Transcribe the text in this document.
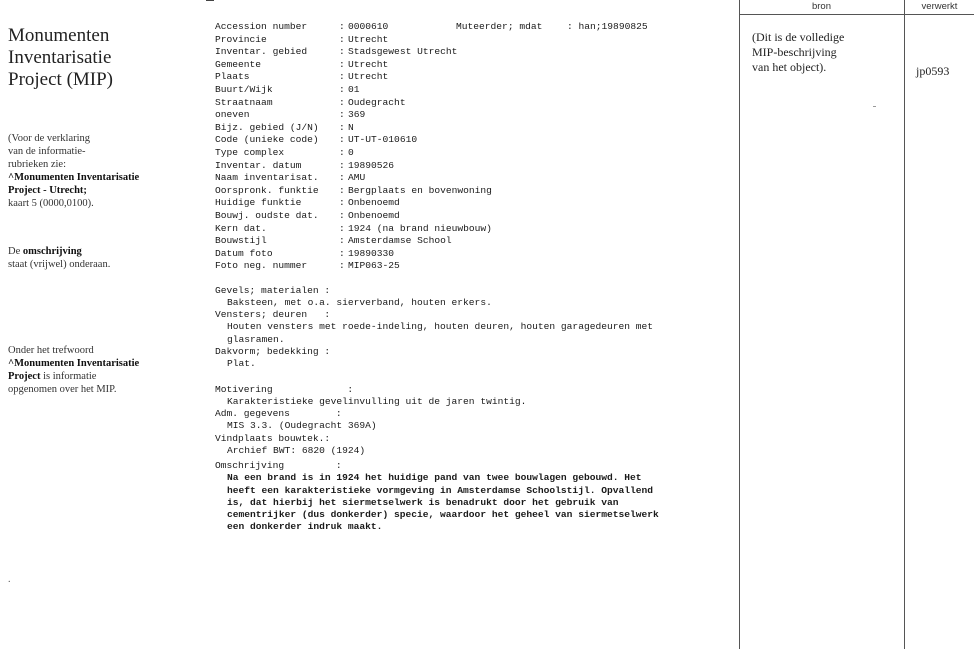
Monumenten
Inventarisatie
Project (MIP)
(Voor de verklaring
van de informatie-
rubrieken zie:
^Monumenten Inventarisatie
Project - Utrecht;
kaart 5 (0000,0100).
De omschrijving
staat (vrijwel) onderaan.
Onder het trefwoord
^Monumenten Inventarisatie
Project is informatie
opgenomen over het MIP.
.
Accession number	: 0000610
Provincie	: Utrecht
Inventar. gebied	: Stadsgewest Utrecht
Gemeente	: Utrecht
Plaats	: Utrecht
Buurt/Wijk	: 01
Straatnaam	: Oudegracht
oneven	: 369
Bijz. gebied (J/N) : N
Code (unieke code) : UT-UT-010610
Type complex	: 0
Inventar. datum	: 19890526
Naam inventarisat. : AMU
Oorspronk. funktie : Bergplaats en bovenwoning
Huidige funktie	: Onbenoemd
Bouwj. oudste dat. : Onbenoemd
Kern dat.	: 1924 (na brand nieuwbouw)
Bouwstijl	: Amsterdamse School
Datum foto	: 19890330
Foto neg. nummer	: MIP063-25
Muteerder; mdat	: han;19890825
Gevels; materialen :
Baksteen, met o.a. sierverband, houten erkers.
Vensters; deuren   :
Houten vensters met roede-indeling, houten deuren, houten garagedeuren met
glasramen.
Dakvorm; bedekking :
Plat.
Motivering             :
Karakteristieke gevelinvulling uit de jaren twintig.
Adm. gegevens        :
MIS 3.3. (Oudegracht 369A)
Vindplaats bouwtek.:
Archief BWT: 6820 (1924)
Omschrijving         :
Na een brand is in 1924 het huidige pand van twee bouwlagen gebouwd. Het
heeft een karakteristieke vormgeving in Amsterdamse Schoolstijl. Opvallend
is, dat hierbij het siermetselwerk is benadrukt door het gebruik van
cementrijker (dus donkerder) specie, waardoor het geheel van siermetselwerk
een donkerder indruk maakt.
bron	verwerkt
(Dit is de volledige
MIP-beschrijving
van het object).	jp0593
